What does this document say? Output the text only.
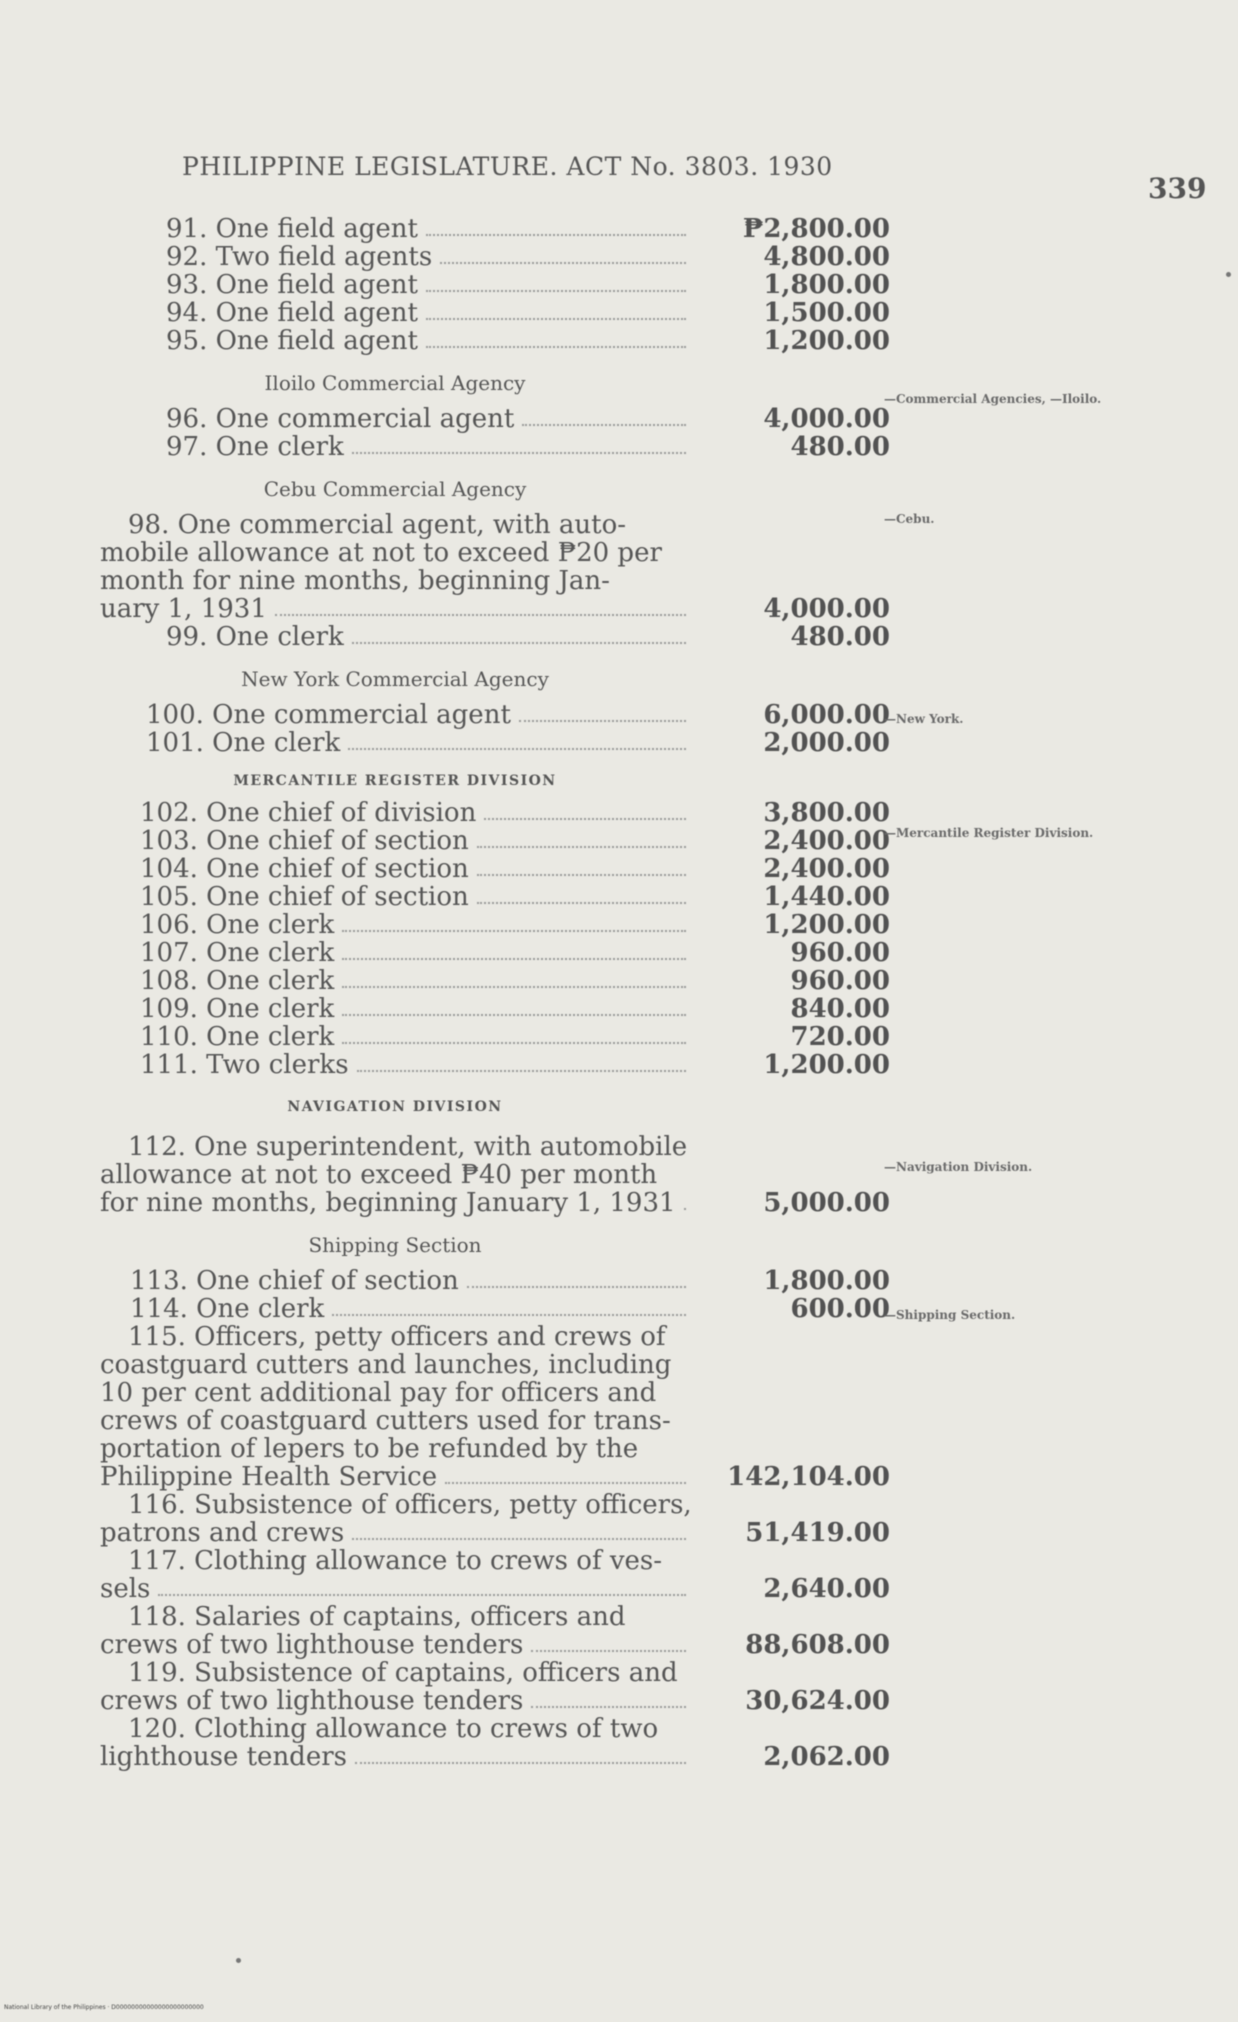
PHILIPPINE LEGISLATURE. ACT No. 3803. 1930
339
91. One field agent	₱2,800.00
92. Two field agents	4,800.00
93. One field agent	1,800.00
94. One field agent	1,500.00
95. One field agent	1,200.00
Iloilo Commercial Agency
96. One commercial agent	4,000.00
97. One clerk	480.00
Cebu Commercial Agency
98. One commercial agent, with auto-
mobile allowance at not to exceed ₱20 per
month for nine months, beginning Jan-
uary 1, 1931	4,000.00
99. One clerk	480.00
New York Commercial Agency
100. One commercial agent	6,000.00
101. One clerk	2,000.00
MERCANTILE REGISTER DIVISION
102. One chief of division	3,800.00
103. One chief of section	2,400.00
104. One chief of section	2,400.00
105. One chief of section	1,440.00
106. One clerk	1,200.00
107. One clerk	960.00
108. One clerk	960.00
109. One clerk	840.00
110. One clerk	720.00
111. Two clerks	1,200.00
NAVIGATION DIVISION
112. One superintendent, with automobile
allowance at not to exceed ₱40 per month
for nine months, beginning January 1, 1931	5,000.00
Shipping Section
113. One chief of section	1,800.00
114. One clerk	600.00
115. Officers, petty officers and crews of
coastguard cutters and launches, including
10 per cent additional pay for officers and
crews of coastguard cutters used for trans-
portation of lepers to be refunded by the
Philippine Health Service	142,104.00
116. Subsistence of officers, petty officers,
patrons and crews	51,419.00
117. Clothing allowance to crews of ves-
sels	2,640.00
118. Salaries of captains, officers and
crews of two lighthouse tenders	88,608.00
119. Subsistence of captains, officers and
crews of two lighthouse tenders	30,624.00
120. Clothing allowance to crews of two
lighthouse tenders	2,062.00
—Commercial Agencies, —Iloilo.
—Cebu.
—New York.
—Mercantile Register Division.
—Navigation Division.
—Shipping Section.
National Library of the Philippines · D00000000000000000000000
